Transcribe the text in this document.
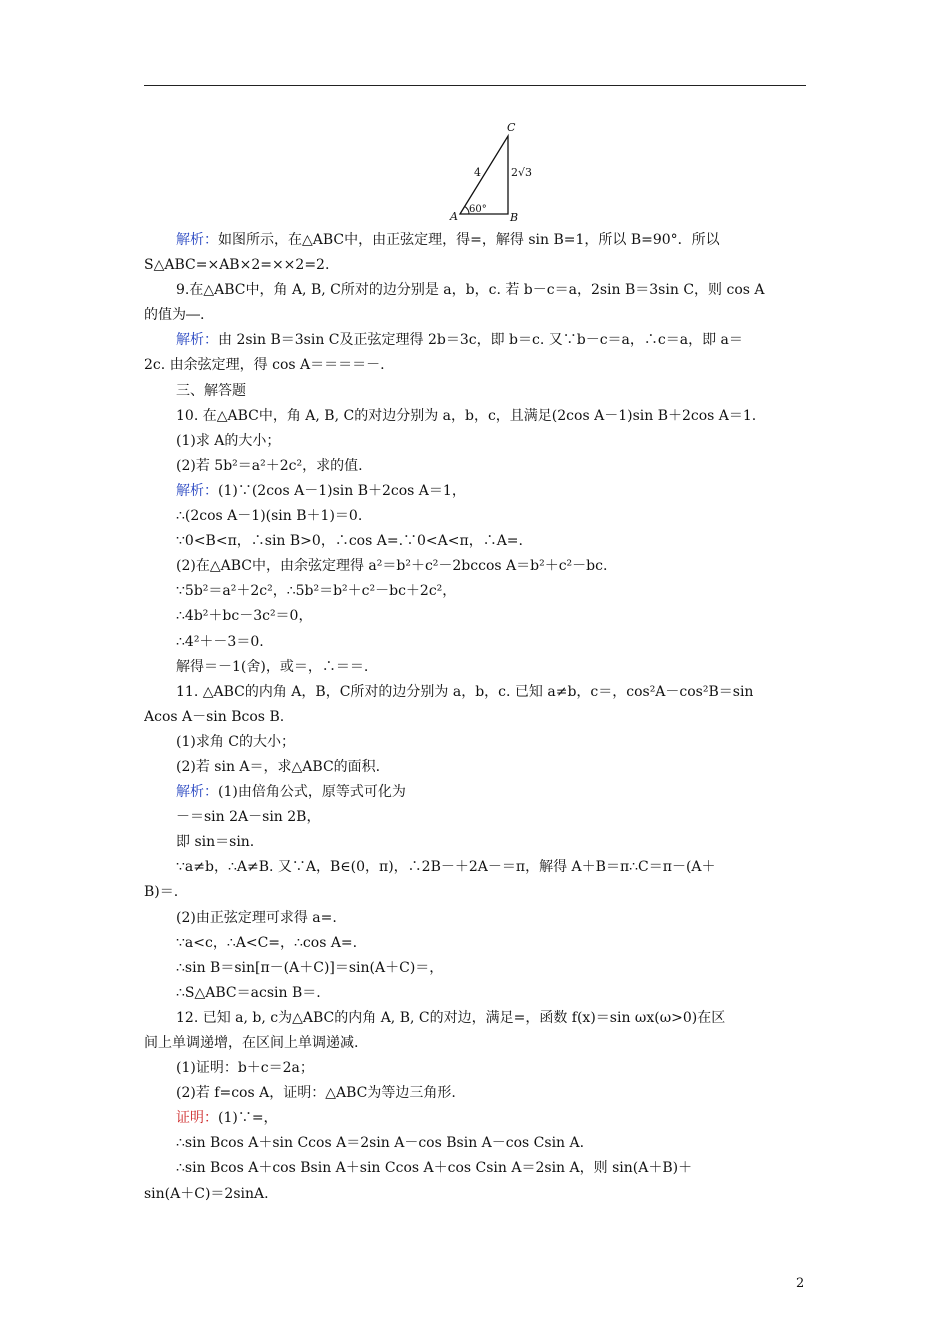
A	B
C
4	2√3
60°
解析：如图所示，在△ABC中，由正弦定理，得=，解得 sin B=1，所以 B=90°．所以
S△ABC=×AB×2=××2=2.
9.在△ABC中，角 A, B, C所对的边分别是 a，b，c. 若 b－c＝a，2sin B＝3sin C，则 cos A
的值为―.
解析：由 2sin B＝3sin C及正弦定理得 2b＝3c，即 b＝c. 又∵b－c＝a，∴c＝a，即 a＝
2c. 由余弦定理，得 cos A＝＝＝＝－.
三、解答题
10. 在△ABC中，角 A, B, C的对边分别为 a，b，c，且满足(2cos A－1)sin B＋2cos A＝1.
(1)求 A的大小；
(2)若 5b²＝a²＋2c²，求的值.
解析：(1)∵(2cos A－1)sin B＋2cos A＝1，
∴(2cos A－1)(sin B＋1)＝0.
∵0<B<π，∴sin B>0，∴cos A=.∵0<A<π，∴A=.
(2)在△ABC中，由余弦定理得 a²＝b²＋c²－2bccos A＝b²＋c²－bc.
∵5b²＝a²＋2c²，∴5b²＝b²＋c²－bc＋2c²，
∴4b²＋bc－3c²＝0，
∴4²＋－3＝0.
解得＝－1(舍)，或＝，∴＝＝.
11. △ABC的内角 A，B，C所对的边分别为 a，b，c. 已知 a≠b，c＝，cos²A－cos²B＝sin
Acos A－sin Bcos B.
(1)求角 C的大小；
(2)若 sin A＝，求△ABC的面积.
解析：(1)由倍角公式，原等式可化为
－＝sin 2A－sin 2B，
即 sin＝sin.
∵a≠b，∴A≠B. 又∵A，B∈(0，π)，∴2B－＋2A－＝π，解得 A＋B＝π∴C＝π－(A＋
B)＝.
(2)由正弦定理可求得 a=.
∵a<c，∴A<C=，∴cos A=.
∴sin B＝sin[π－(A＋C)]＝sin(A＋C)＝，
∴S△ABC＝acsin B＝.
12. 已知 a, b, c为△ABC的内角 A, B, C的对边，满足=，函数 f(x)＝sin ωx(ω>0)在区
间上单调递增，在区间上单调递减.
(1)证明：b＋c＝2a；
(2)若 f=cos A，证明：△ABC为等边三角形.
证明：(1)∵=，
∴sin Bcos A＋sin Ccos A＝2sin A－cos Bsin A－cos Csin A.
∴sin Bcos A＋cos Bsin A＋sin Ccos A＋cos Csin A＝2sin A，则 sin(A＋B)＋
sin(A＋C)＝2sinA.
2
